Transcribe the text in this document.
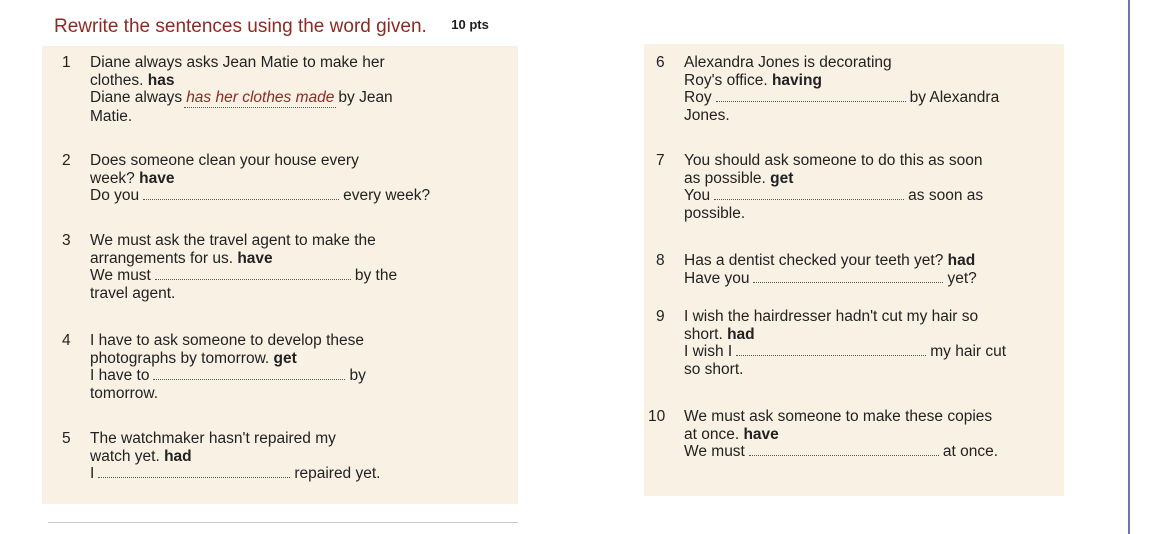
Rewrite the sentences using the word given. 10 pts
1 Diane always asks Jean Matie to make her
clothes. has
Diane always has her clothes made by Jean
Matie.
2 Does someone clean your house every
week? have
Do you	every week?
3 We must ask the travel agent to make the
arrangements for us. have
We must	by the
travel agent.
4 I have to ask someone to develop these
photographs by tomorrow. get
I have to	by
tomorrow.
5 The watchmaker hasn't repaired my
watch yet. had
I	repaired yet.
6 Alexandra Jones is decorating
Roy's office. having
Roy	by Alexandra
Jones.
7 You should ask someone to do this as soon
as possible. get
You	as soon as
possible.
8 Has a dentist checked your teeth yet? had
Have you	yet?
9 I wish the hairdresser hadn't cut my hair so
short. had
I wish I	my hair cut
so short.
10 We must ask someone to make these copies
at once. have
We must	at once.
